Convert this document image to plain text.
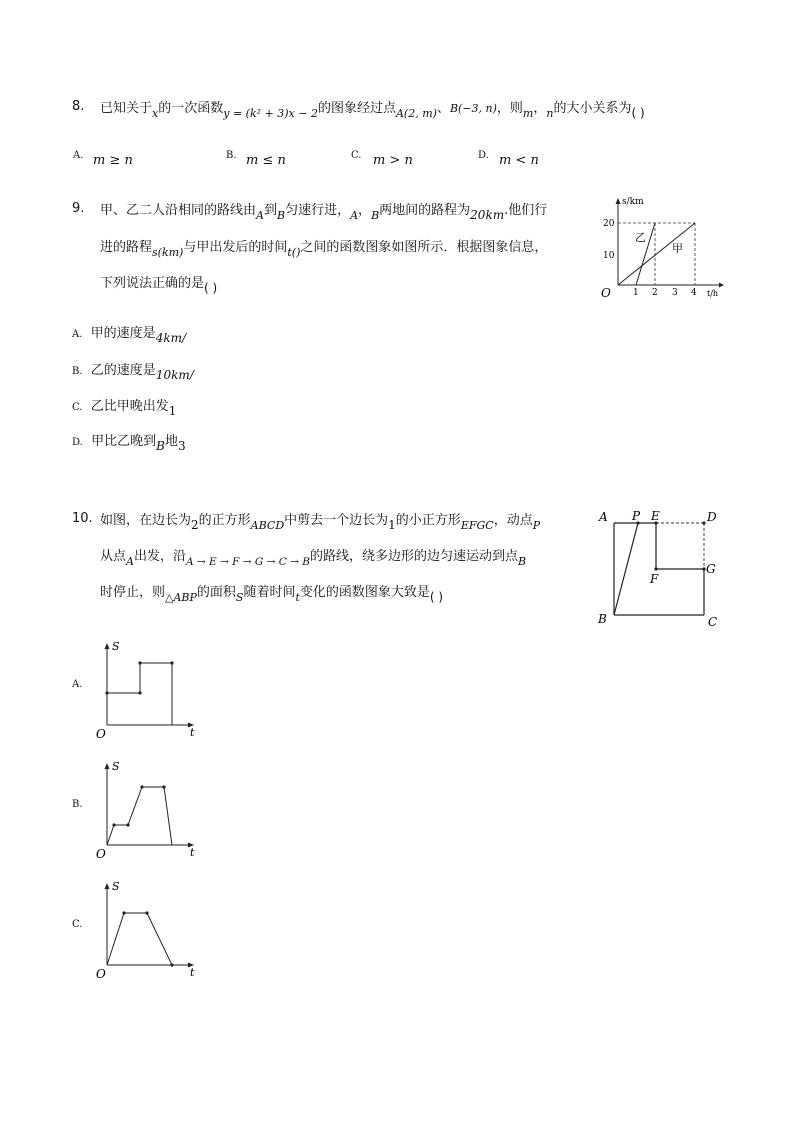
8. 已知关于$_x$的一次函数$_{y = (k^2 + 3)x - 2}$的图象经过点$_{A(2, m)}$、B(−3, n)，则$_m$，$_n$的大小关系为( )
A. m ≥ n	B. m ≤ n	C. m > n	D. m < n
9. 甲、乙二人沿相同的路线由$_A$到$_B$匀速行进，$_A$，$_B$两地间的路程为20km.他们行
进的路程$_{s(km)}$与甲出发后的时间$_{t()}$之间的函数图象如图所示．根据图象信息，
下列说法正确的是( )
s/km
t/h
O
10
20
1 2 3 4
乙
甲
A. 甲的速度是4km/
B. 乙的速度是10km/
C. 乙比甲晚出发1
D. 甲比乙晚到B地3
10. 如图，在边长为2的正方形$_{ABCD}$中剪去一个边长为1的小正方形$_{EFGC}$，动点$_P$
从点$_A$出发，沿$_{A \to E \to F \to G \to C \to B}$的路线，绕多边形的边匀速运动到点$_B$
时停止，则$_{\triangle ABP}$的面积$_S$随着时间$_t$变化的函数图象大致是( )
A P E	D
F
G
B	C
A.
S
t
O
B.
S
t
O
C.
S
t
O
